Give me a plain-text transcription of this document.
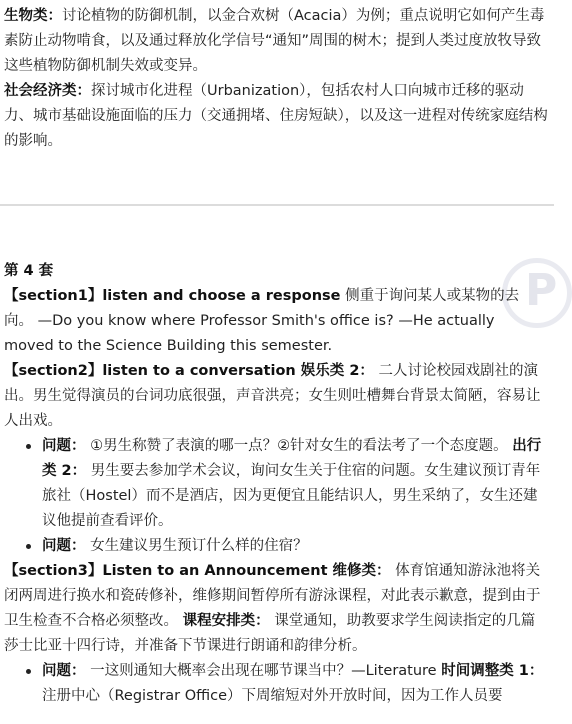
生物类：讨论植物的防御机制，以金合欢树（Acacia）为例；重点说明它如何产生毒素防止动物啃食，以及通过释放化学信号“通知”周围的树木；提到人类过度放牧导致这些植物防御机制失效或变异。
社会经济类：探讨城市化进程（Urbanization），包括农村人口向城市迁移的驱动力、城市基础设施面临的压力（交通拥堵、住房短缺），以及这一进程对传统家庭结构的影响。
P
第 4 套
【section1】listen and choose a response 侧重于询问某人或某物的去向。 —Do you know where Professor Smith's office is? —He actually moved to the Science Building this semester.
【section2】listen to a conversation 娱乐类 2： 二人讨论校园戏剧社的演出。男生觉得演员的台词功底很强，声音洪亮；女生则吐槽舞台背景太简陋，容易让人出戏。
问题： ①男生称赞了表演的哪一点？②针对女生的看法考了一个态度题。 出行类 2： 男生要去参加学术会议，询问女生关于住宿的问题。女生建议预订青年旅社（Hostel）而不是酒店，因为更便宜且能结识人，男生采纳了，女生还建议他提前查看评价。
问题： 女生建议男生预订什么样的住宿？
【section3】Listen to an Announcement 维修类： 体育馆通知游泳池将关闭两周进行换水和瓷砖修补，维修期间暂停所有游泳课程，对此表示歉意，提到由于卫生检查不合格必须整改。 课程安排类： 课堂通知，助教要求学生阅读指定的几篇莎士比亚十四行诗，并准备下节课进行朗诵和韵律分析。
问题： 一这则通知大概率会出现在哪节课当中？—Literature 时间调整类 1： 注册中心（Registrar Office）下周缩短对外开放时间，因为工作人员要
